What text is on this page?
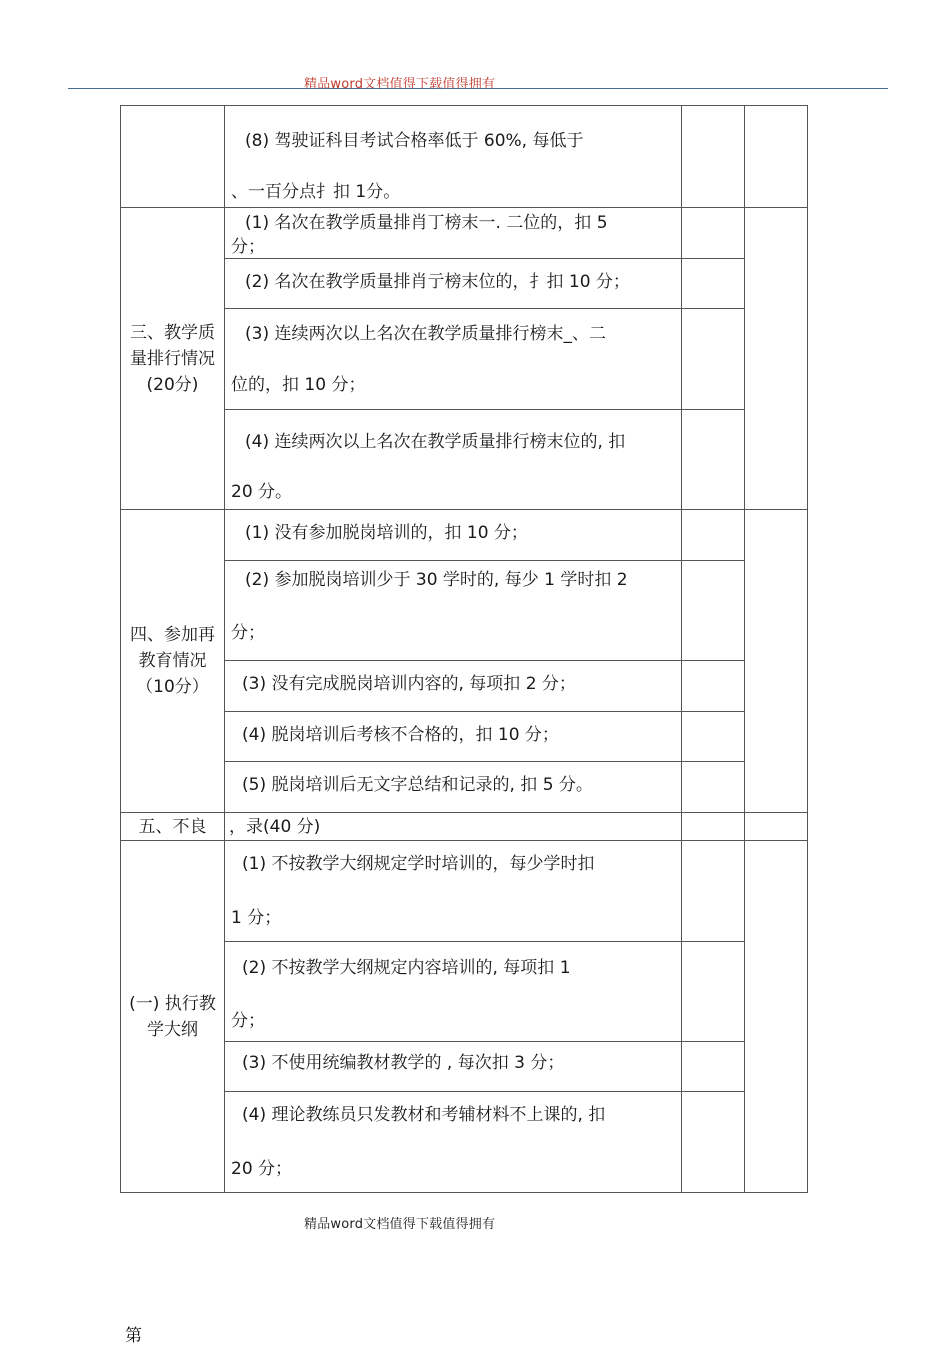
精品word文档值得下载值得拥有

	(8) 驾驶证科目考试合格率低于 60%, 每低于
、一百分点扌扣 1分。		

三、教学质量排行情况(20分)	(1) 名次在教学质量排肖丁榜末一. 二位的，扣 5
分；		

	(2) 名次在教学质量排肖亍榜末位的，扌扣 10 分；		

	(3) 连续两次以上名次在教学质量排行榜末_、二
位的，扣 10 分；		

	(4) 连续两次以上名次在教学质量排行榜末位的, 扣
20 分。		

四、参加再教育情况（10分）	(1) 没有参加脱岗培训的，扣 10 分；		

	(2) 参加脱岗培训少于 30 学时的, 每少 1 学时扣 2
分；		

	(3) 没有完成脱岗培训内容的, 每项扣 2 分；		

	(4) 脱岗培训后考核不合格的，扣 10 分；		

	(5) 脱岗培训后无文字总结和记录的, 扣 5 分。		

五、不良	，录(40 分)		

(一) 执行教学大纲	(1) 不按教学大纲规定学时培训的，每少学时扣
1 分；		

	(2) 不按教学大纲规定内容培训的, 每项扣 1
分；		

	(3) 不使用统编教材教学的 , 每次扣 3 分；		

	(4) 理论教练员只发教材和考辅材料不上课的, 扣
20 分；		

精品word文档值得下载值得拥有
第
